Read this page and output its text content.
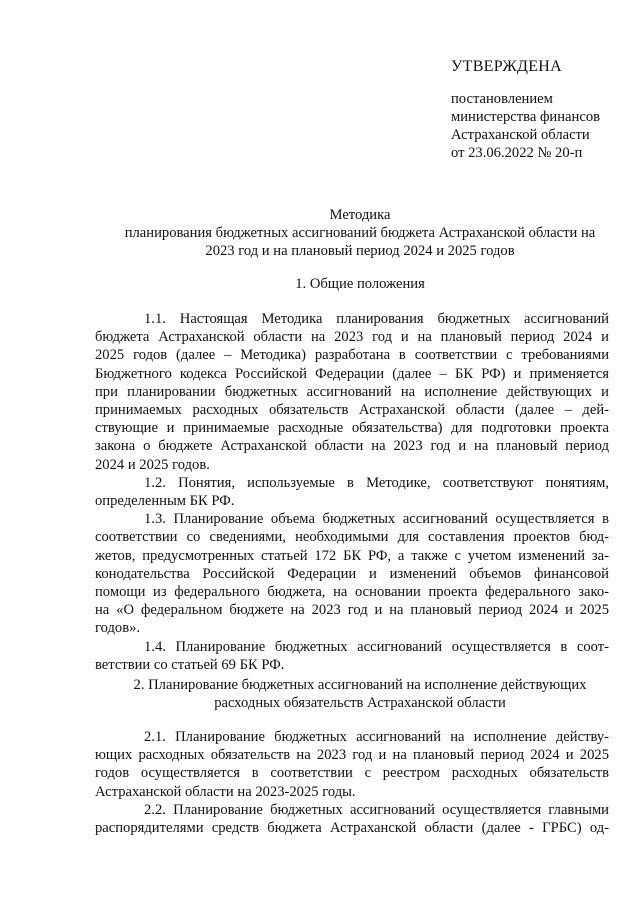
УТВЕРЖДЕНА
постановлением
министерства финансов
Астраханской области
от 23.06.2022 № 20-п
Методика
планирования бюджетных ассигнований бюджета Астраханской области на
2023 год и на плановый период 2024 и 2025 годов
1. Общие положения
1.1. Настоящая Методика планирования бюджетных ассигнований
бюджета Астраханской области на 2023 год и на плановый период 2024 и
2025 годов (далее – Методика) разработана в соответствии с требованиями
Бюджетного кодекса Российской Федерации (далее – БК РФ) и применяется
при планировании бюджетных ассигнований на исполнение действующих и
принимаемых расходных обязательств Астраханской области (далее – дей-
ствующие и принимаемые расходные обязательства) для подготовки проекта
закона о бюджете Астраханской области на 2023 год и на плановый период
2024 и 2025 годов.
1.2. Понятия, используемые в Методике, соответствуют понятиям,
определенным БК РФ.
1.3. Планирование объема бюджетных ассигнований осуществляется в
соответствии со сведениями, необходимыми для составления проектов бюд-
жетов, предусмотренных статьей 172 БК РФ, а также с учетом изменений за-
конодательства Российской Федерации и изменений объемов финансовой
помощи из федерального бюджета, на основании проекта федерального зако-
на «О федеральном бюджете на 2023 год и на плановый период 2024 и 2025
годов».
1.4. Планирование бюджетных ассигнований осуществляется в соот-
ветствии со статьей 69 БК РФ.
2. Планирование бюджетных ассигнований на исполнение действующих
расходных обязательств Астраханской области
2.1. Планирование бюджетных ассигнований на исполнение действу-
ющих расходных обязательств на 2023 год и на плановый период 2024 и 2025
годов осуществляется в соответствии с реестром расходных обязательств
Астраханской области на 2023-2025 годы.
2.2. Планирование бюджетных ассигнований осуществляется главными
распорядителями средств бюджета Астраханской области (далее - ГРБС) од-
